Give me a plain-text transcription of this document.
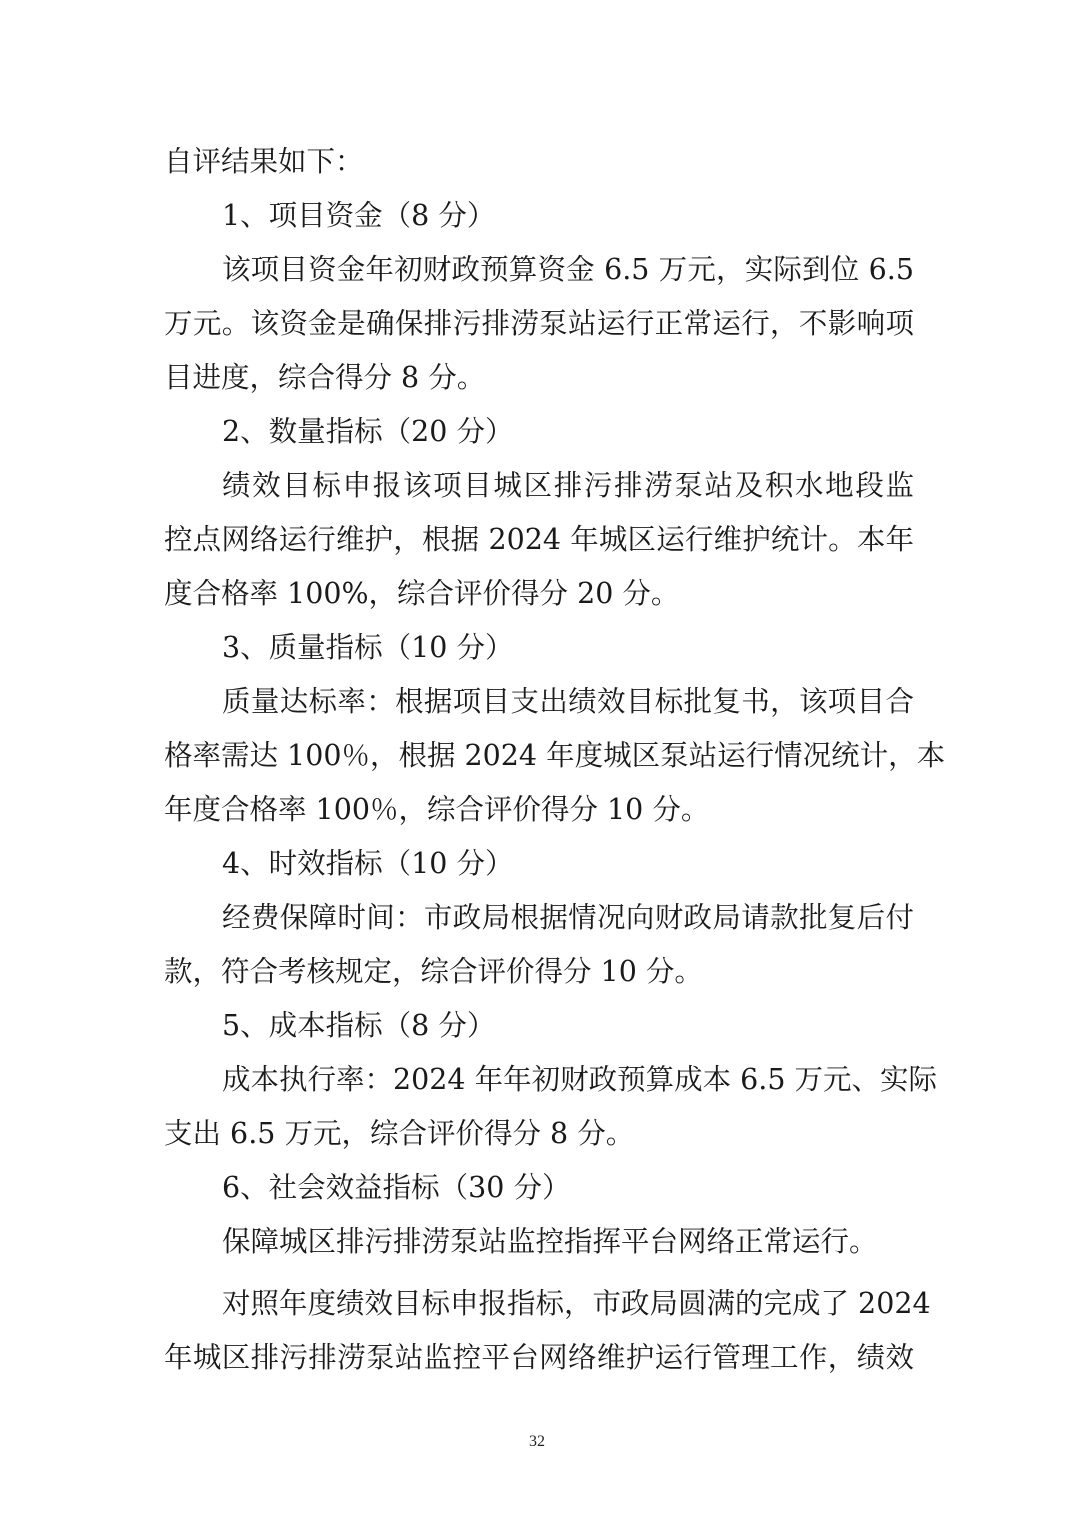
自评结果如下：
1、项目资金（8 分）
该项目资金年初财政预算资金 6.5 万元，实际到位 6.5
万元。该资金是确保排污排涝泵站运行正常运行，不影响项
目进度，综合得分 8 分。
2、数量指标（20 分）
绩效目标申报该项目城区排污排涝泵站及积水地段监
控点网络运行维护，根据 2024 年城区运行维护统计。本年
度合格率 100%，综合评价得分 20 分。
3、质量指标（10 分）
质量达标率：根据项目支出绩效目标批复书，该项目合
格率需达 100％，根据 2024 年度城区泵站运行情况统计，本
年度合格率 100％，综合评价得分 10 分。
4、时效指标（10 分）
经费保障时间：市政局根据情况向财政局请款批复后付
款，符合考核规定，综合评价得分 10 分。
5、成本指标（8 分）
成本执行率：2024 年年初财政预算成本 6.5 万元、实际
支出 6.5 万元，综合评价得分 8 分。
6、社会效益指标（30 分）
保障城区排污排涝泵站监控指挥平台网络正常运行。
对照年度绩效目标申报指标，市政局圆满的完成了 2024
年城区排污排涝泵站监控平台网络维护运行管理工作，绩效
32
